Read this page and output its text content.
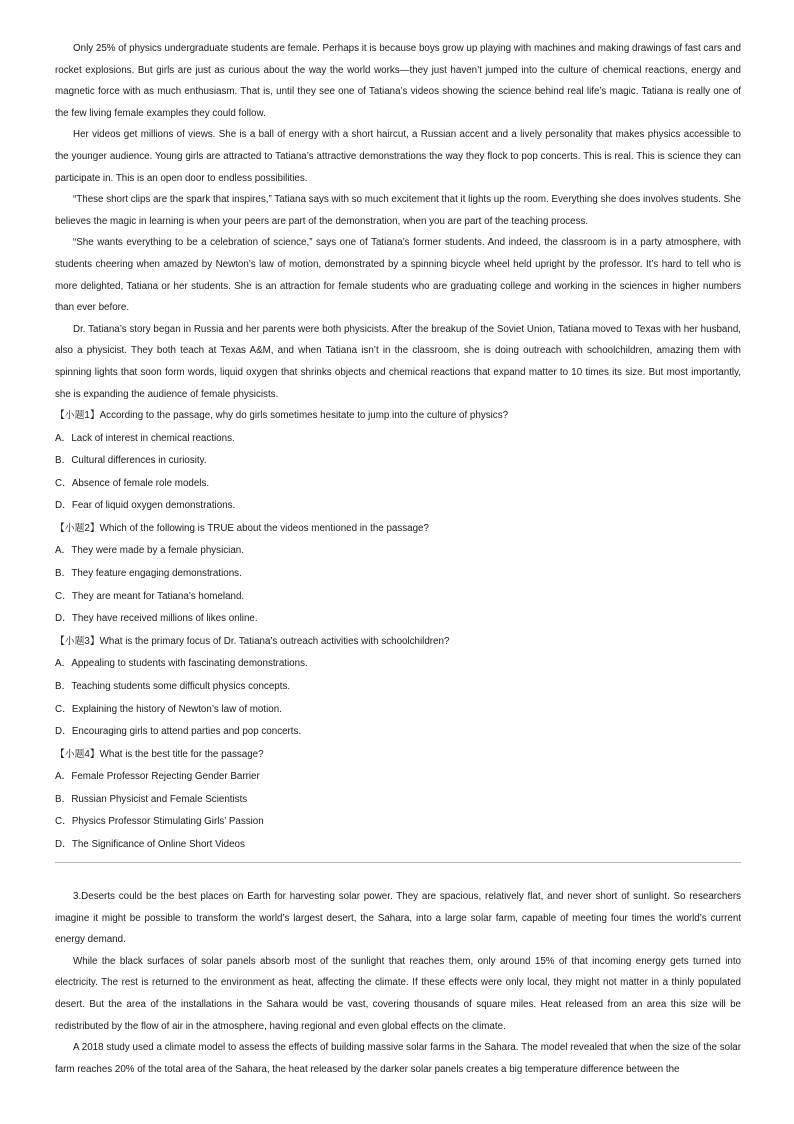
Only 25% of physics undergraduate students are female. Perhaps it is because boys grow up playing with machines and making drawings of fast cars and rocket explosions. But girls are just as curious about the way the world works—they just haven’t jumped into the culture of chemical reactions, energy and magnetic force with as much enthusiasm. That is, until they see one of Tatiana’s videos showing the science behind real life’s magic. Tatiana is really one of the few living female examples they could follow.

Her videos get millions of views. She is a ball of energy with a short haircut, a Russian accent and a lively personality that makes physics accessible to the younger audience. Young girls are attracted to Tatiana’s attractive demonstrations the way they flock to pop concerts. This is real. This is science they can participate in. This is an open door to endless possibilities.

“These short clips are the spark that inspires,” Tatiana says with so much excitement that it lights up the room. Everything she does involves students. She believes the magic in learning is when your peers are part of the demonstration, when you are part of the teaching process.

“She wants everything to be a celebration of science,” says one of Tatiana’s former students. And indeed, the classroom is in a party atmosphere, with students cheering when amazed by Newton’s law of motion, demonstrated by a spinning bicycle wheel held upright by the professor. It’s hard to tell who is more delighted, Tatiana or her students. She is an attraction for female students who are graduating college and working in the sciences in higher numbers than ever before.

Dr. Tatiana’s story began in Russia and her parents were both physicists. After the breakup of the Soviet Union, Tatiana moved to Texas with her husband, also a physicist. They both teach at Texas A&M, and when Tatiana isn’t in the classroom, she is doing outreach with schoolchildren, amazing them with spinning lights that soon form words, liquid oxygen that shrinks objects and chemical reactions that expand matter to 10 times its size. But most importantly, she is expanding the audience of female physicists.

【小题1】According to the passage, why do girls sometimes hesitate to jump into the culture of physics?

A．Lack of interest in chemical reactions.

B．Cultural differences in curiosity.

C．Absence of female role models.

D．Fear of liquid oxygen demonstrations.

【小题2】Which of the following is TRUE about the videos mentioned in the passage?

A．They were made by a female physician.

B．They feature engaging demonstrations.

C．They are meant for Tatiana’s homeland.

D．They have received millions of likes online.

【小题3】What is the primary focus of Dr. Tatiana’s outreach activities with schoolchildren?

A．Appealing to students with fascinating demonstrations.

B．Teaching students some difficult physics concepts.

C．Explaining the history of Newton’s law of motion.

D．Encouraging girls to attend parties and pop concerts.

【小题4】What is the best title for the passage?

A．Female Professor Rejecting Gender Barrier

B．Russian Physicist and Female Scientists

C．Physics Professor Stimulating Girls’ Passion

D．The Significance of Online Short Videos

3.Deserts could be the best places on Earth for harvesting solar power. They are spacious, relatively flat, and never short of sunlight. So researchers imagine it might be possible to transform the world’s largest desert, the Sahara, into a large solar farm, capable of meeting four times the world’s current energy demand.

While the black surfaces of solar panels absorb most of the sunlight that reaches them, only around 15% of that incoming energy gets turned into electricity. The rest is returned to the environment as heat, affecting the climate. If these effects were only local, they might not matter in a thinly populated desert. But the area of the installations in the Sahara would be vast, covering thousands of square miles. Heat released from an area this size will be redistributed by the flow of air in the atmosphere, having regional and even global effects on the climate.

A 2018 study used a climate model to assess the effects of building massive solar farms in the Sahara. The model revealed that when the size of the solar farm reaches 20% of the total area of the Sahara, the heat released by the darker solar panels creates a big temperature difference between the
